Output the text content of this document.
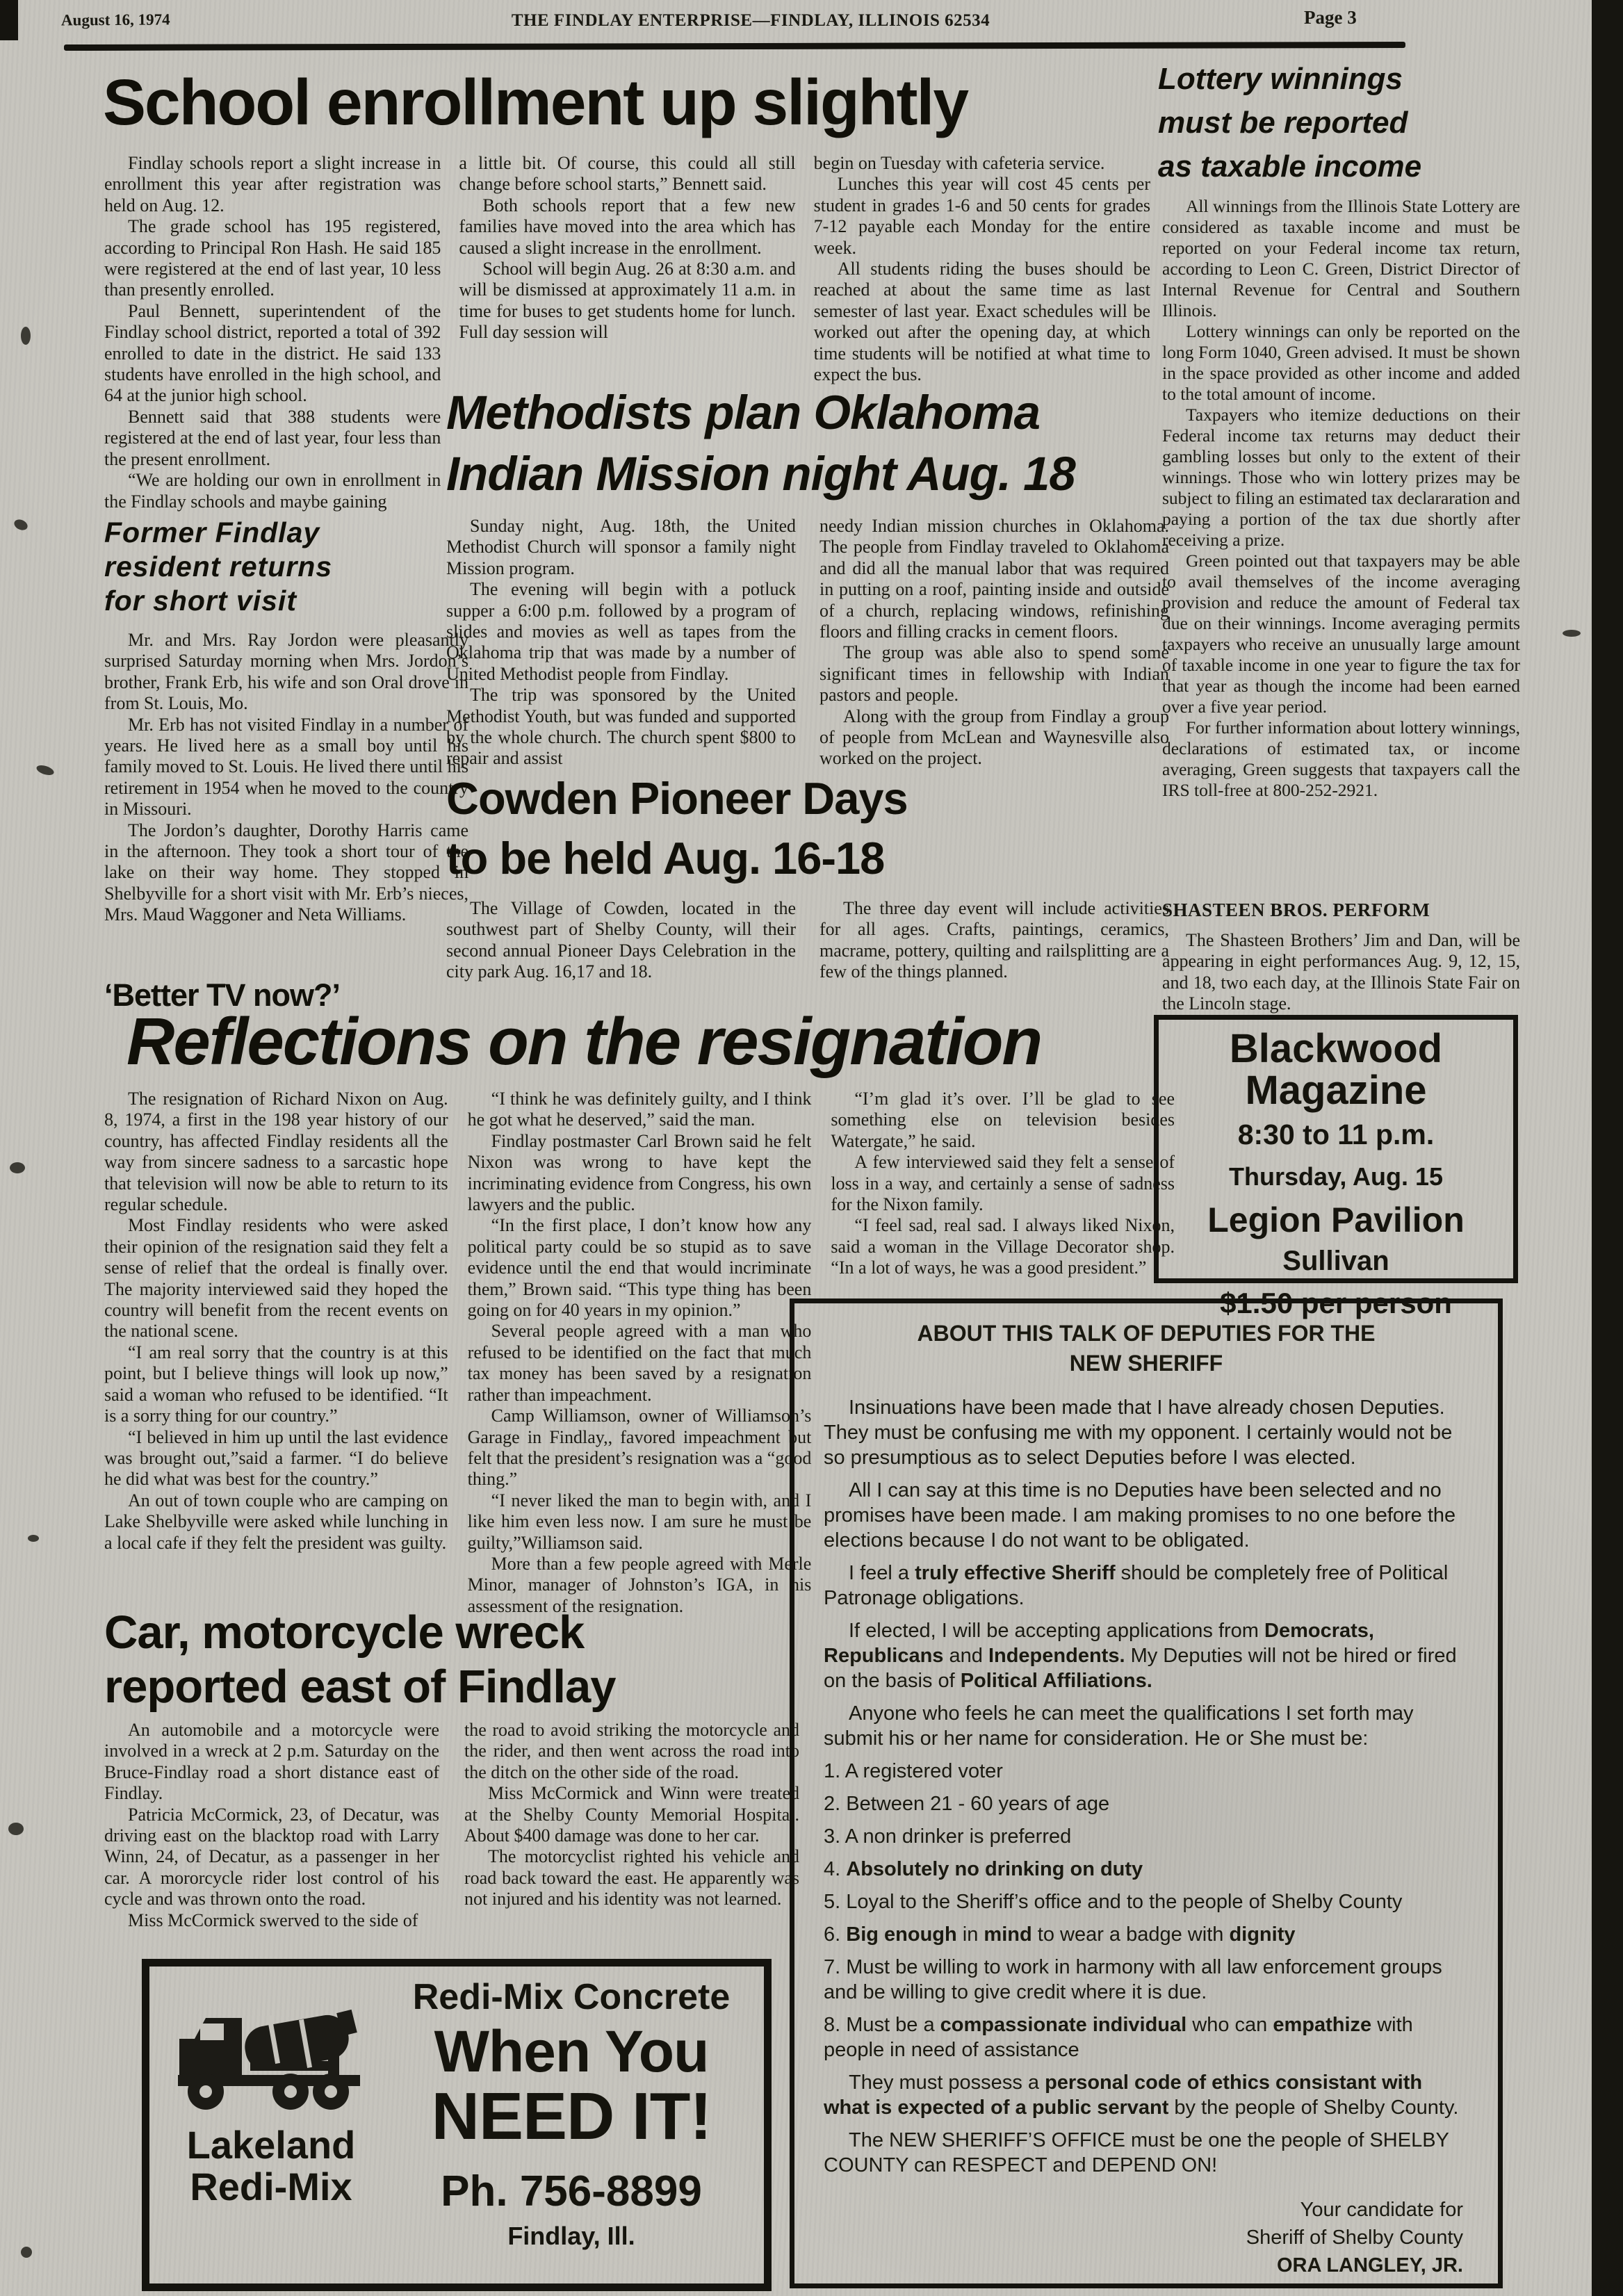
August 16, 1974	THE FINDLAY ENTERPRISE—FINDLAY, ILLINOIS 62534	Page 3
School enrollment up slightly

Findlay schools report a slight increase in enrollment this year after registration was held on Aug. 12.

The grade school has 195 registered, according to Principal Ron Hash. He said 185 were registered at the end of last year, 10 less than presently enrolled.

Paul Bennett, superintendent of the Findlay school district, reported a total of 392 enrolled to date in the district. He said 133 students have enrolled in the high school, and 64 at the junior high school.

Bennett said that 388 students were registered at the end of last year, four less than the present enrollment.

“We are holding our own in enrollment in the Findlay schools and maybe gaining

a little bit. Of course, this could all still change before school starts,” Bennett said.

Both schools report that a few new families have moved into the area which has caused a slight increase in the enrollment.

School will begin Aug. 26 at 8:30 a.m. and will be dismissed at approximately 11 a.m. in time for buses to get students home for lunch. Full day session will

begin on Tuesday with cafeteria service.

Lunches this year will cost 45 cents per student in grades 1-6 and 50 cents for grades 7-12 payable each Monday for the entire week.

All students riding the buses should be reached at about the same time as last semester of last year. Exact schedules will be worked out after the opening day, at which time students will be notified at what time to expect the bus.

Lottery winnings

must be reported

as taxable income

All winnings from the Illinois State Lottery are considered as taxable income and must be reported on your Federal income tax return, according to Leon C. Green, District Director of Internal Revenue for Central and Southern Illinois.

Lottery winnings can only be reported on the long Form 1040, Green advised. It must be shown in the space provided as other income and added to the total amount of income.

Taxpayers who itemize deductions on their Federal income tax returns may deduct their gambling losses but only to the extent of their winnings. Those who win lottery prizes may be subject to filing an estimated tax declararation and paying a portion of the tax due shortly after receiving a prize.

Green pointed out that taxpayers may be able to avail themselves of the income averaging provision and reduce the amount of Federal tax due on their winnings. Income averaging permits taxpayers who receive an unusually large amount of taxable income in one year to figure the tax for that year as though the income had been earned over a five year period.

For further information about lottery winnings, declarations of estimated tax, or income averaging, Green suggests that taxpayers call the IRS toll-free at 800-252-2921.

SHASTEEN BROS. PERFORM

The Shasteen Brothers’ Jim and Dan, will be appearing in eight performances Aug. 9, 12, 15, and 18, two each day, at the Illinois State Fair on the Lincoln stage.

Former Findlay

resident returns

for short visit

Mr. and Mrs. Ray Jordon were pleasantly surprised Saturday morning when Mrs. Jordon’s brother, Frank Erb, his wife and son Oral drove in from St. Louis, Mo.

Mr. Erb has not visited Findlay in a number of years. He lived here as a small boy until his family moved to St. Louis. He lived there until his retirement in 1954 when he moved to the country in Missouri.

The Jordon’s daughter, Dorothy Harris came in the afternoon. They took a short tour of the lake on their way home. They stopped in Shelbyville for a short visit with Mr. Erb’s nieces, Mrs. Maud Waggoner and Neta Williams.

‘Better TV now?’

Methodists plan Oklahoma

Indian Mission night Aug. 18

Sunday night, Aug. 18th, the United Methodist Church will sponsor a family night Mission program.

The evening will begin with a potluck supper a 6:00 p.m. followed by a program of slides and movies as well as tapes from the Oklahoma trip that was made by a number of United Methodist people from Findlay.

The trip was sponsored by the United Methodist Youth, but was funded and supported by the whole church. The church spent $800 to repair and assist

needy Indian mission churches in Oklahoma. The people from Findlay traveled to Oklahoma and did all the manual labor that was required in putting on a roof, painting inside and outside of a church, replacing windows, refinishing floors and filling cracks in cement floors.

The group was able also to spend some significant times in fellowship with Indian pastors and people.

Along with the group from Findlay a group of people from McLean and Waynesville also worked on the project.

Cowden Pioneer Days

to be held Aug. 16-18

The Village of Cowden, located in the southwest part of Shelby County, will their second annual Pioneer Days Celebration in the city park Aug. 16,17 and 18.

The three day event will include activities for all ages. Crafts, paintings, ceramics, macrame, pottery, quilting and railsplitting are a few of the things planned.

Reflections on the resignation

The resignation of Richard Nixon on Aug. 8, 1974, a first in the 198 year history of our country, has affected Findlay residents all the way from sincere sadness to a sarcastic hope that television will now be able to return to its regular schedule.

Most Findlay residents who were asked their opinion of the resignation said they felt a sense of relief that the ordeal is finally over. The majority interviewed said they hoped the country will benefit from the recent events on the national scene.

“I am real sorry that the country is at this point, but I believe things will look up now,” said a woman who refused to be identified. “It is a sorry thing for our country.”

“I believed in him up until the last evidence was brought out,”said a farmer. “I do believe he did what was best for the country.”

An out of town couple who are camping on Lake Shelbyville were asked while lunching in a local cafe if they felt the president was guilty.

“I think he was definitely guilty, and I think he got what he deserved,” said the man.

Findlay postmaster Carl Brown said he felt Nixon was wrong to have kept the incriminating evidence from Congress, his own lawyers and the public.

“In the first place, I don’t know how any political party could be so stupid as to save evidence until the end that would incriminate them,” Brown said. “This type thing has been going on for 40 years in my opinion.”

Several people agreed with a man who refused to be identified on the fact that much tax money has been saved by a resignation rather than impeachment.

Camp Williamson, owner of Williamson’s Garage in Findlay,, favored impeachment but felt that the president’s resignation was a “good thing.”

“I never liked the man to begin with, and I like him even less now. I am sure he must be guilty,”Williamson said.

More than a few people agreed with Merle Minor, manager of Johnston’s IGA, in his assessment of the resignation.

“I’m glad it’s over. I’ll be glad to see something else on television besides Watergate,” he said.

A few interviewed said they felt a sense of loss in a way, and certainly a sense of sadness for the Nixon family.

“I feel sad, real sad. I always liked Nixon, said a woman in the Village Decorator shop. “In a lot of ways, he was a good president.”

Car, motorcycle wreck

reported east of Findlay

An automobile and a motorcycle were involved in a wreck at 2 p.m. Saturday on the Bruce-Findlay road a short distance east of Findlay.

Patricia McCormick, 23, of Decatur, was driving east on the blacktop road with Larry Winn, 24, of Decatur, as a passenger in her car. A mororcycle rider lost control of his cycle and was thrown onto the road.

Miss McCormick swerved to the side of

the road to avoid striking the motorcycle and the rider, and then went across the road into the ditch on the other side of the road.

Miss McCormick and Winn were treated at the Shelby County Memorial Hospital. About $400 damage was done to her car.

The motorcyclist righted his vehicle and road back toward the east. He apparently was not injured and his identity was not learned.

Blackwood
Magazine
8:30 to 11 p.m.
Thursday, Aug. 15
Legion Pavilion
Sullivan
$1.50 per person

ABOUT THIS TALK OF DEPUTIES FOR THE

NEW SHERIFF

Insinuations have been made that I have already chosen Deputies. They must be confusing me with my opponent. I certainly would not be so presumptious as to select Deputies before I was elected.

All I can say at this time is no Deputies have been selected and no promises have been made. I am making promises to no one before the elections because I do not want to be obligated.

I feel a truly effective Sheriff should be completely free of Political Patronage obligations.

If elected, I will be accepting applications from Democrats, Republicans and Independents. My Deputies will not be hired or fired on the basis of Political Affiliations.

Anyone who feels he can meet the qualifications I set forth may submit his or her name for consideration. He or She must be:

1. A registered voter

2. Between 21 - 60 years of age

3. A non drinker is preferred

4. Absolutely no drinking on duty

5. Loyal to the Sheriff’s office and to the people of Shelby County

6. Big enough in mind to wear a badge with dignity

7. Must be willing to work in harmony with all law enforcement groups and be willing to give credit where it is due.

8. Must be a compassionate individual who can empathize with people in need of assistance

They must possess a personal code of ethics consistant with what is expected of a public servant by the people of Shelby County.

The NEW SHERIFF’S OFFICE must be one the people of SHELBY COUNTY can RESPECT and DEPEND ON!

Your candidate for
Sheriff of Shelby County
ORA LANGLEY, JR.
Lakeland
Redi-Mix
Redi-Mix Concrete
When You
NEED IT!
Ph. 756-8899
Findlay, Ill.
